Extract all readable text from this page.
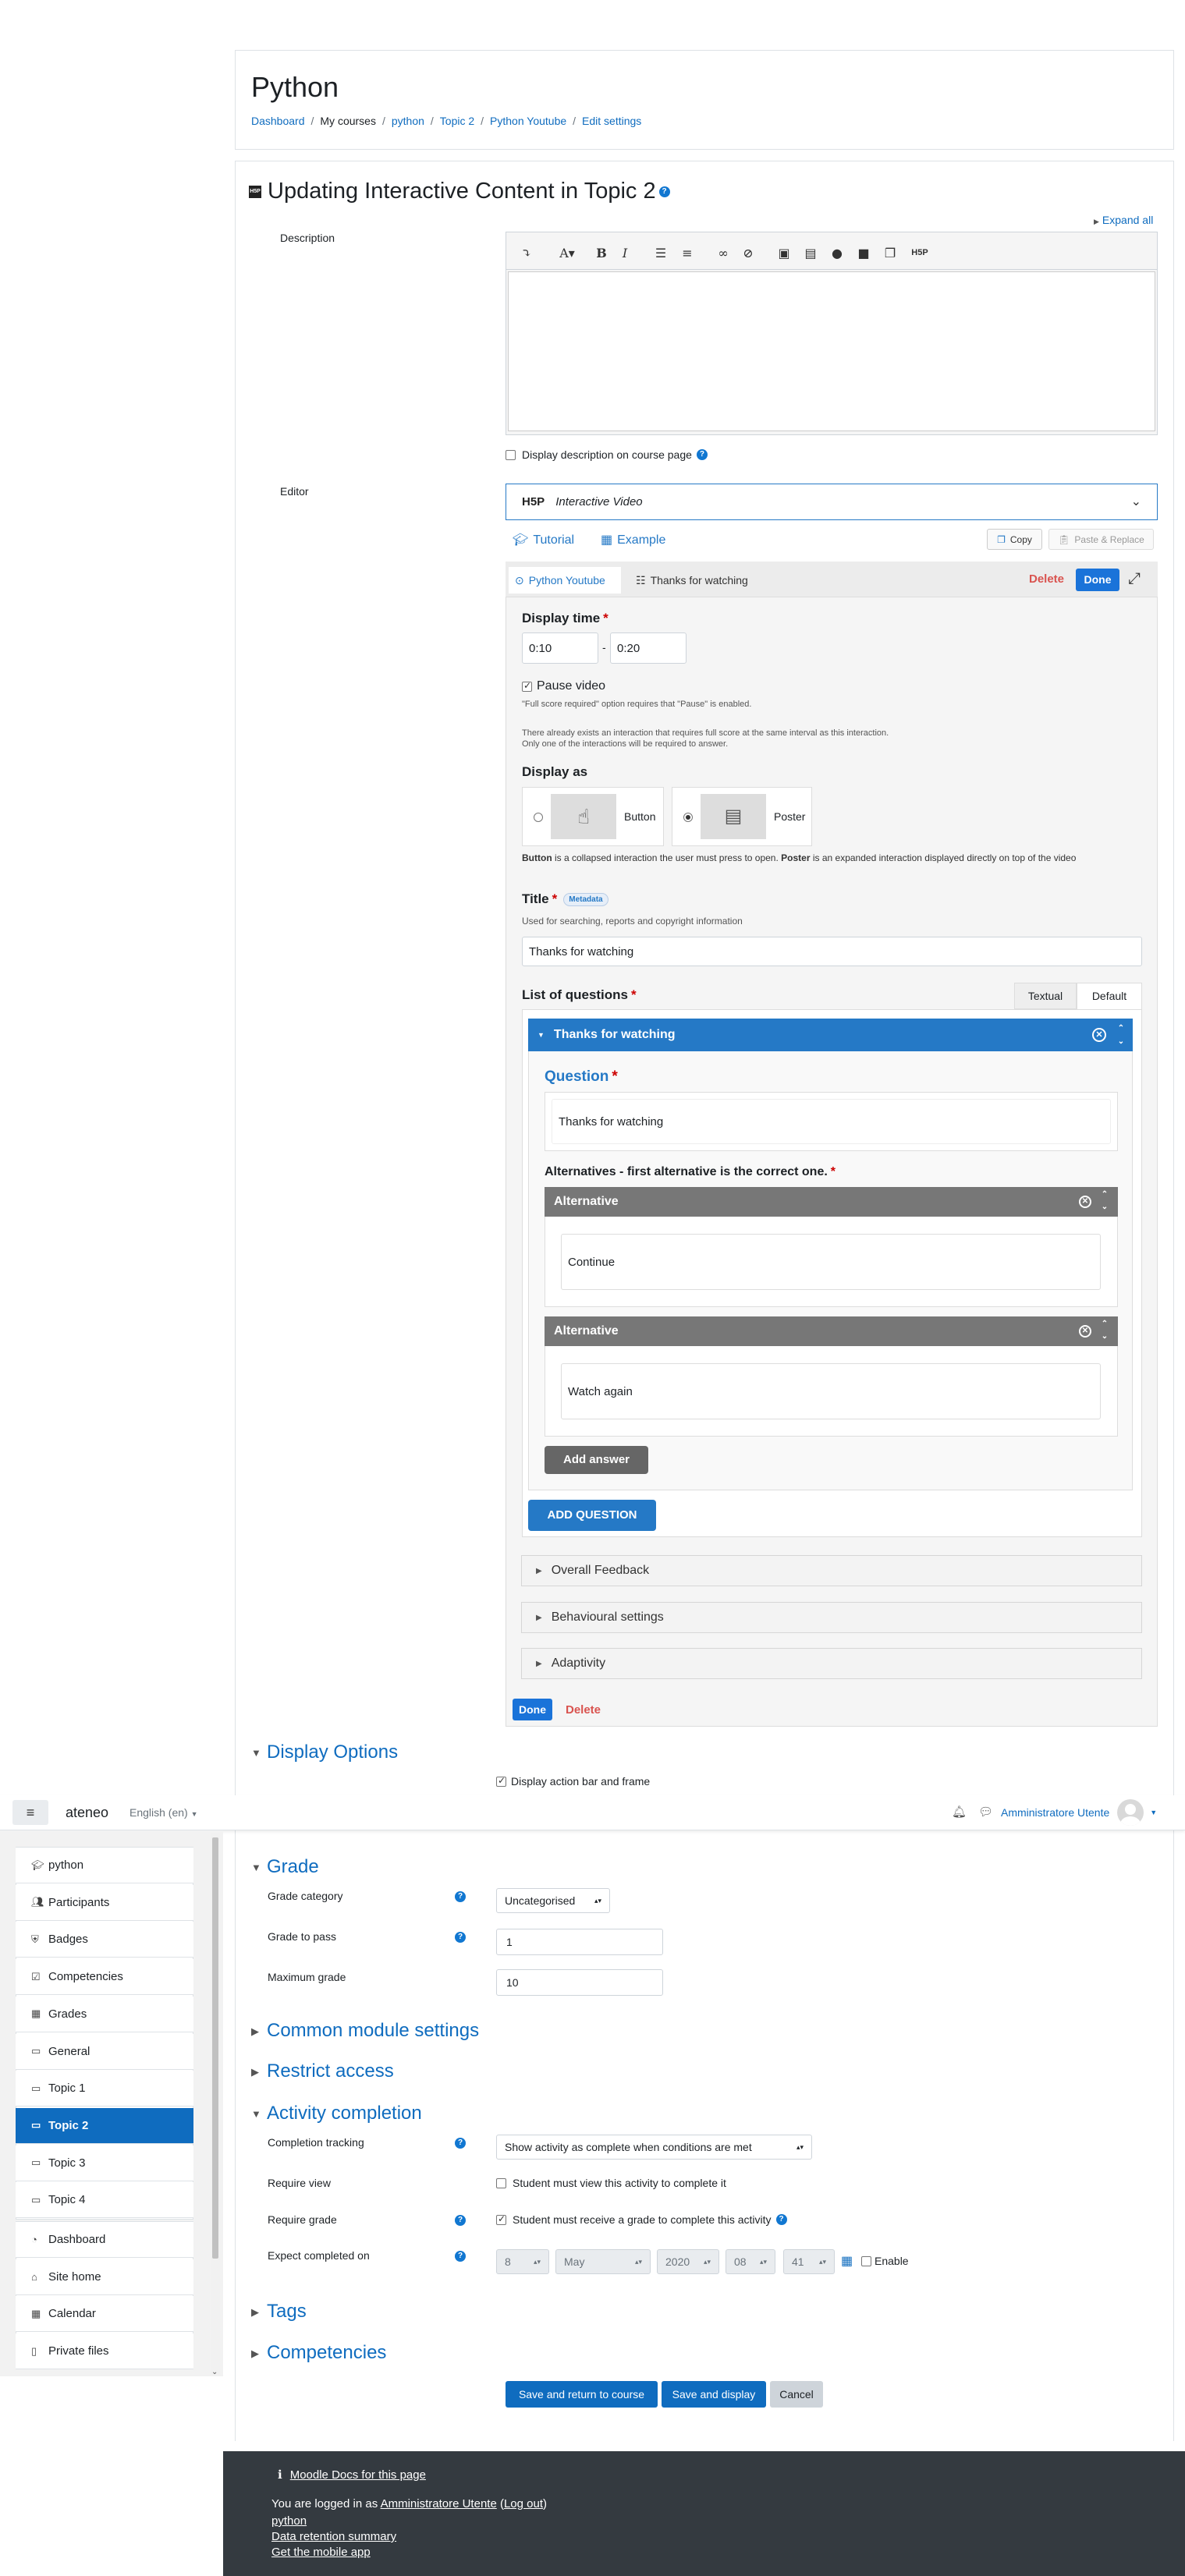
Python
Dashboard / My courses / python / Topic 2 / Python Youtube / Edit settings
H5P Updating Interactive Content in Topic 2 ?
▶ Expand all
Description
⤵	A▾	B	I	☰	≡	∞	⊘	▣	▤	●	■	❐	H5P
Display description on course page ?
Editor
H5P Interactive Video	⌄
🎓︎ Tutorial ▦ Example	❐ Copy	📋︎ Paste & Replace
⊙ Python Youtube	☷ Thanks for watching	Delete	Done	⤢
Display time *
0:10	- 0:20
✓
Pause video
"Full score required" option requires that "Pause" is enabled.
There already exists an interaction that requires full score at the same interval as this interaction.
Only one of the interactions will be required to answer.
Display as
☝︎	Button	▤	Poster
Button is a collapsed interaction the user must press to open. Poster is an expanded interaction displayed directly on top of the video
Title *	Metadata
Used for searching, reports and copyright information
Thanks for watching
List of questions *	Textual	Default
▼ Thanks for watching	✕
⌃
⌄
Question *
Thanks for watching
Alternatives - first alternative is the correct one. *
Alternative	✕
⌃
⌄
Continue
Alternative	✕
⌃
⌄
Watch again
Add answer
ADD QUESTION
▶ Overall Feedback
▶ Behavioural settings
▶ Adaptivity
Done	Delete
▼ Display Options
✓
Display action bar and frame
≡	ateneo English (en) ▼	🔔︎ 💬︎ Amministratore Utente	▼
⌄
🎓︎ python
👥︎ Participants
⛨ Badges
☑ Competencies
▦ Grades
▭ General
▭ Topic 1
▭ Topic 2
▭ Topic 3
▭ Topic 4
◔ Dashboard
⌂ Site home
▦ Calendar
▯ Private files
▼ Grade
Grade category	?	Uncategorised	▴▾
Grade to pass	?	1
Maximum grade	10
▶ Common module settings
▶ Restrict access
▼ Activity completion
Completion tracking	?	Show activity as complete when conditions are met	▴▾
Require view	Student must view this activity to complete it
Require grade	?
✓	Student must receive a grade to complete this activity ?
Expect completed on	?	8	▴▾ May	▴▾ 2020 ▴▾ 08 ▴▾ 41 ▴▾ ▦ Enable
▶ Tags
▶ Competencies
Save and return to course	Save and display	Cancel
ℹ Moodle Docs for this page
You are logged in as Amministratore Utente (Log out)
python
Data retention summary
Get the mobile app
